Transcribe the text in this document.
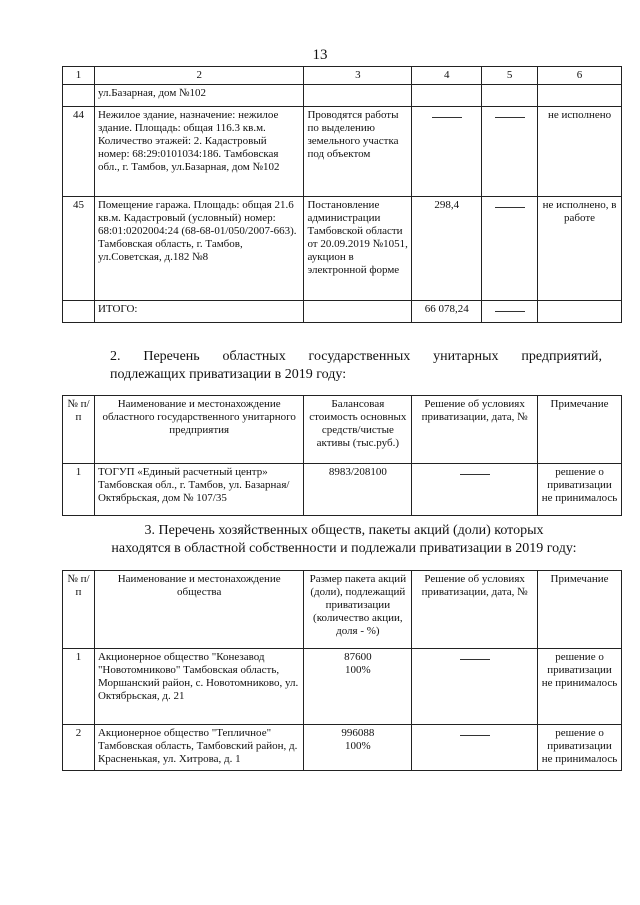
13
1	2	3	4	5	6
	ул.Базарная, дом №102				
44	Нежилое здание, назначение: нежилое здание. Площадь: общая 116.3 кв.м. Количество этажей: 2. Кадастровый номер: 68:29:0101034:186. Тамбовская обл., г. Тамбов, ул.Базарная, дом №102	Проводятся работы по выделению земельного участка под объектом			не исполнено
45	Помещение гаража. Площадь: общая 21.6 кв.м. Кадастровый (условный) номер: 68:01:0202004:24 (68-68-01/050/2007-663). Тамбовская область, г. Тамбов, ул.Советская, д.182 №8	Постановление администрации Тамбовской области от 20.09.2019 №1051, аукцион в электронной форме	298,4		не исполнено, в работе
	ИТОГО:		66 078,24		
2. Перечень областных государственных унитарных предприятий,
подлежащих приватизации в 2019 году:
№ п/п	Наименование и местонахождение областного государственного унитарного предприятия	Балансовая стоимость основных средств/чистые активы (тыс.руб.)	Решение об условиях приватизации, дата, №	Примечание
1	ТОГУП «Единый расчетный центр» Тамбовская обл., г. Тамбов, ул. Базарная/Октябрьская, дом № 107/35	8983/208100		решение о приватизации не принималось
3. Перечень хозяйственных обществ, пакеты акций (доли) которых
находятся в областной собственности и подлежали приватизации в 2019 году:
№ п/п	Наименование и местонахождение общества	Размер пакета акций (доли), подлежащий приватизации (количество акции, доля - %)	Решение об условиях приватизации, дата, №	Примечание
1	Акционерное общество "Конезавод "Новотомниково" Тамбовская область, Моршанский район, с. Новотомниково, ул. Октябрьская, д. 21	87600
100%		решение о приватизации не принималось
2	Акционерное общество "Тепличное" Тамбовская область, Тамбовский район, д. Красненькая, ул. Хитрова, д. 1	996088
100%		решение о приватизации не принималось
